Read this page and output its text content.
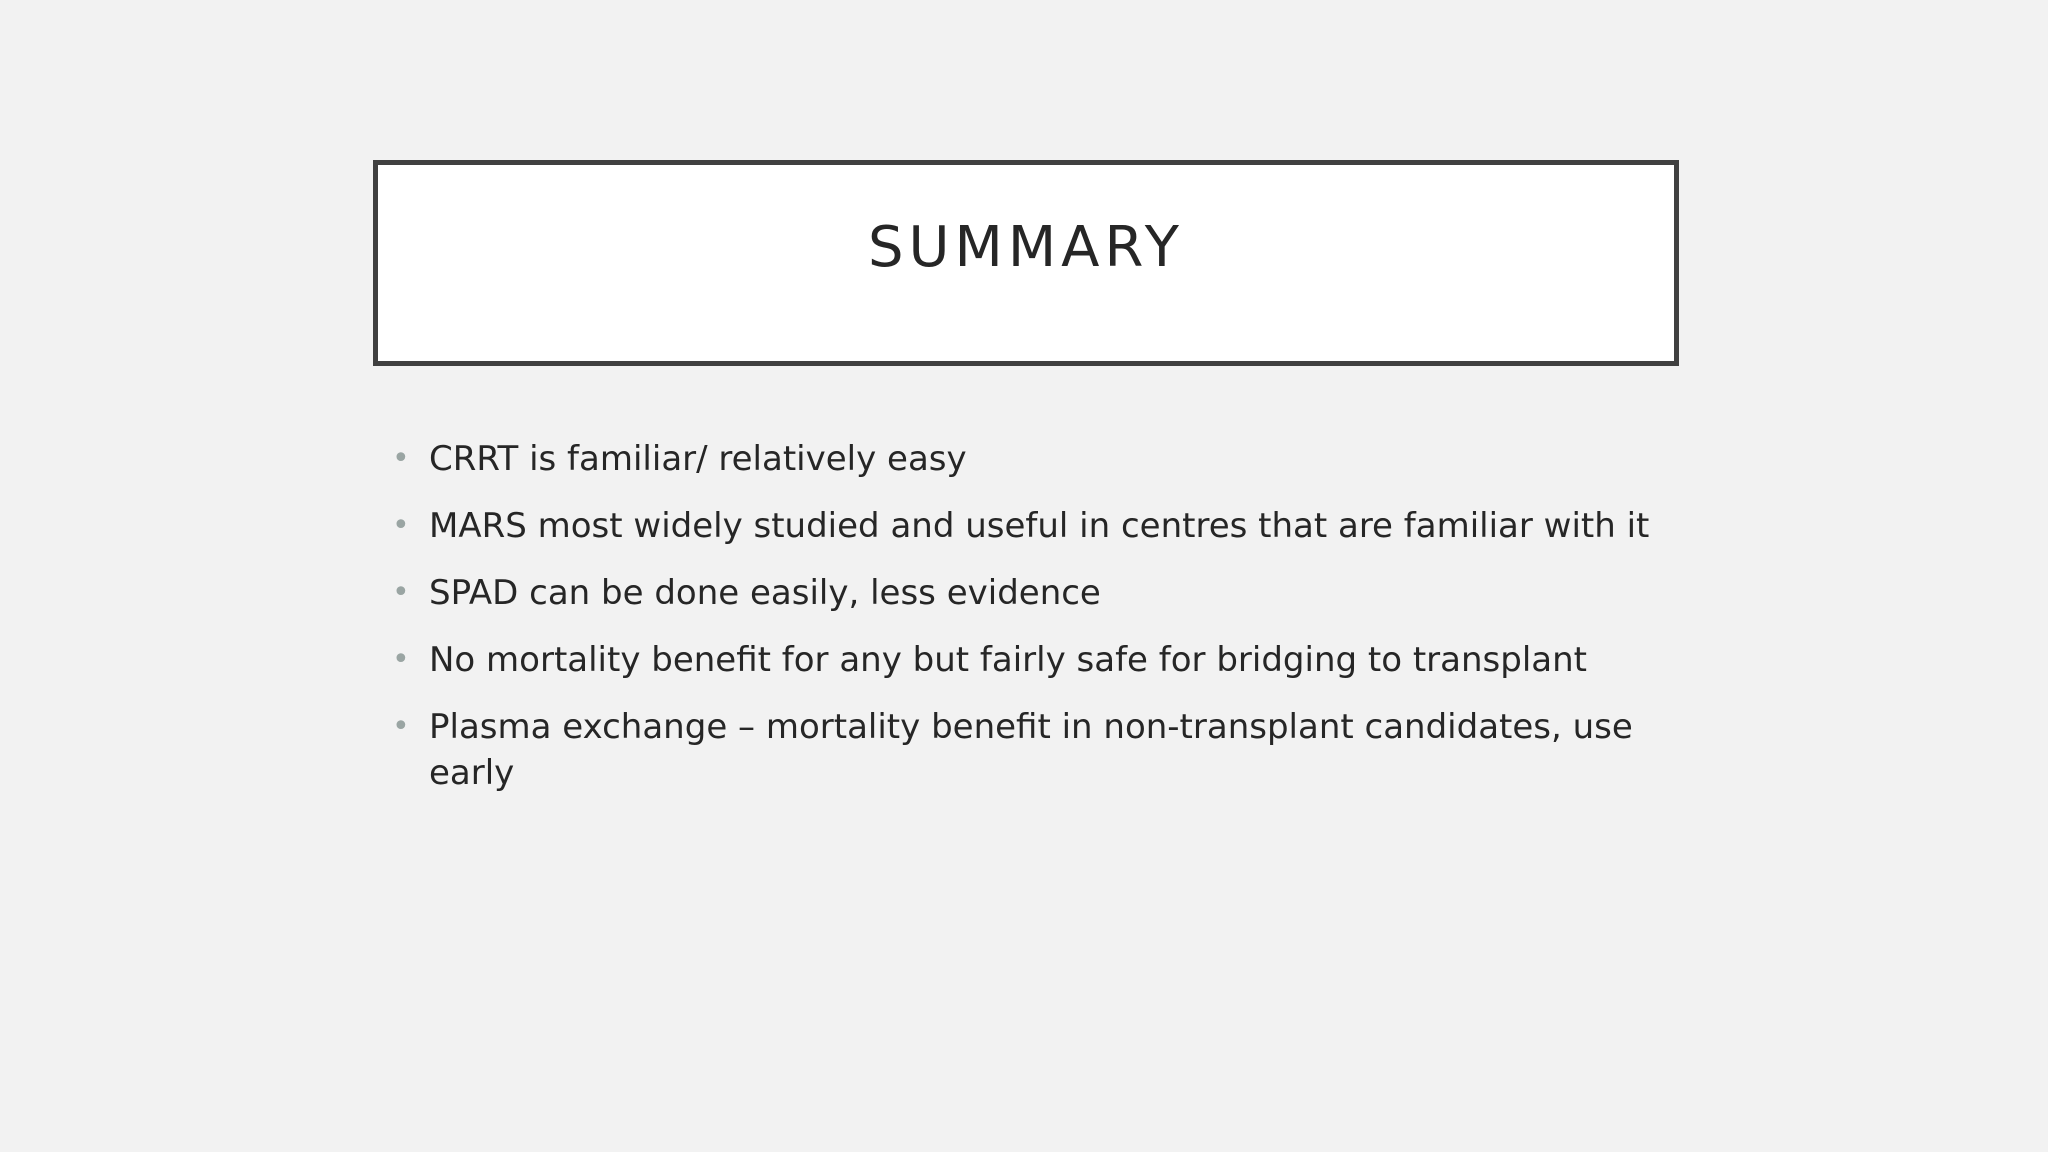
SUMMARY
• CRRT is familiar/ relatively easy
• MARS most widely studied and useful in centres that are familiar with it
• SPAD can be done easily, less evidence
• No mortality benefit for any but fairly safe for bridging to transplant
• Plasma exchange – mortality benefit in non-transplant candidates, use early
